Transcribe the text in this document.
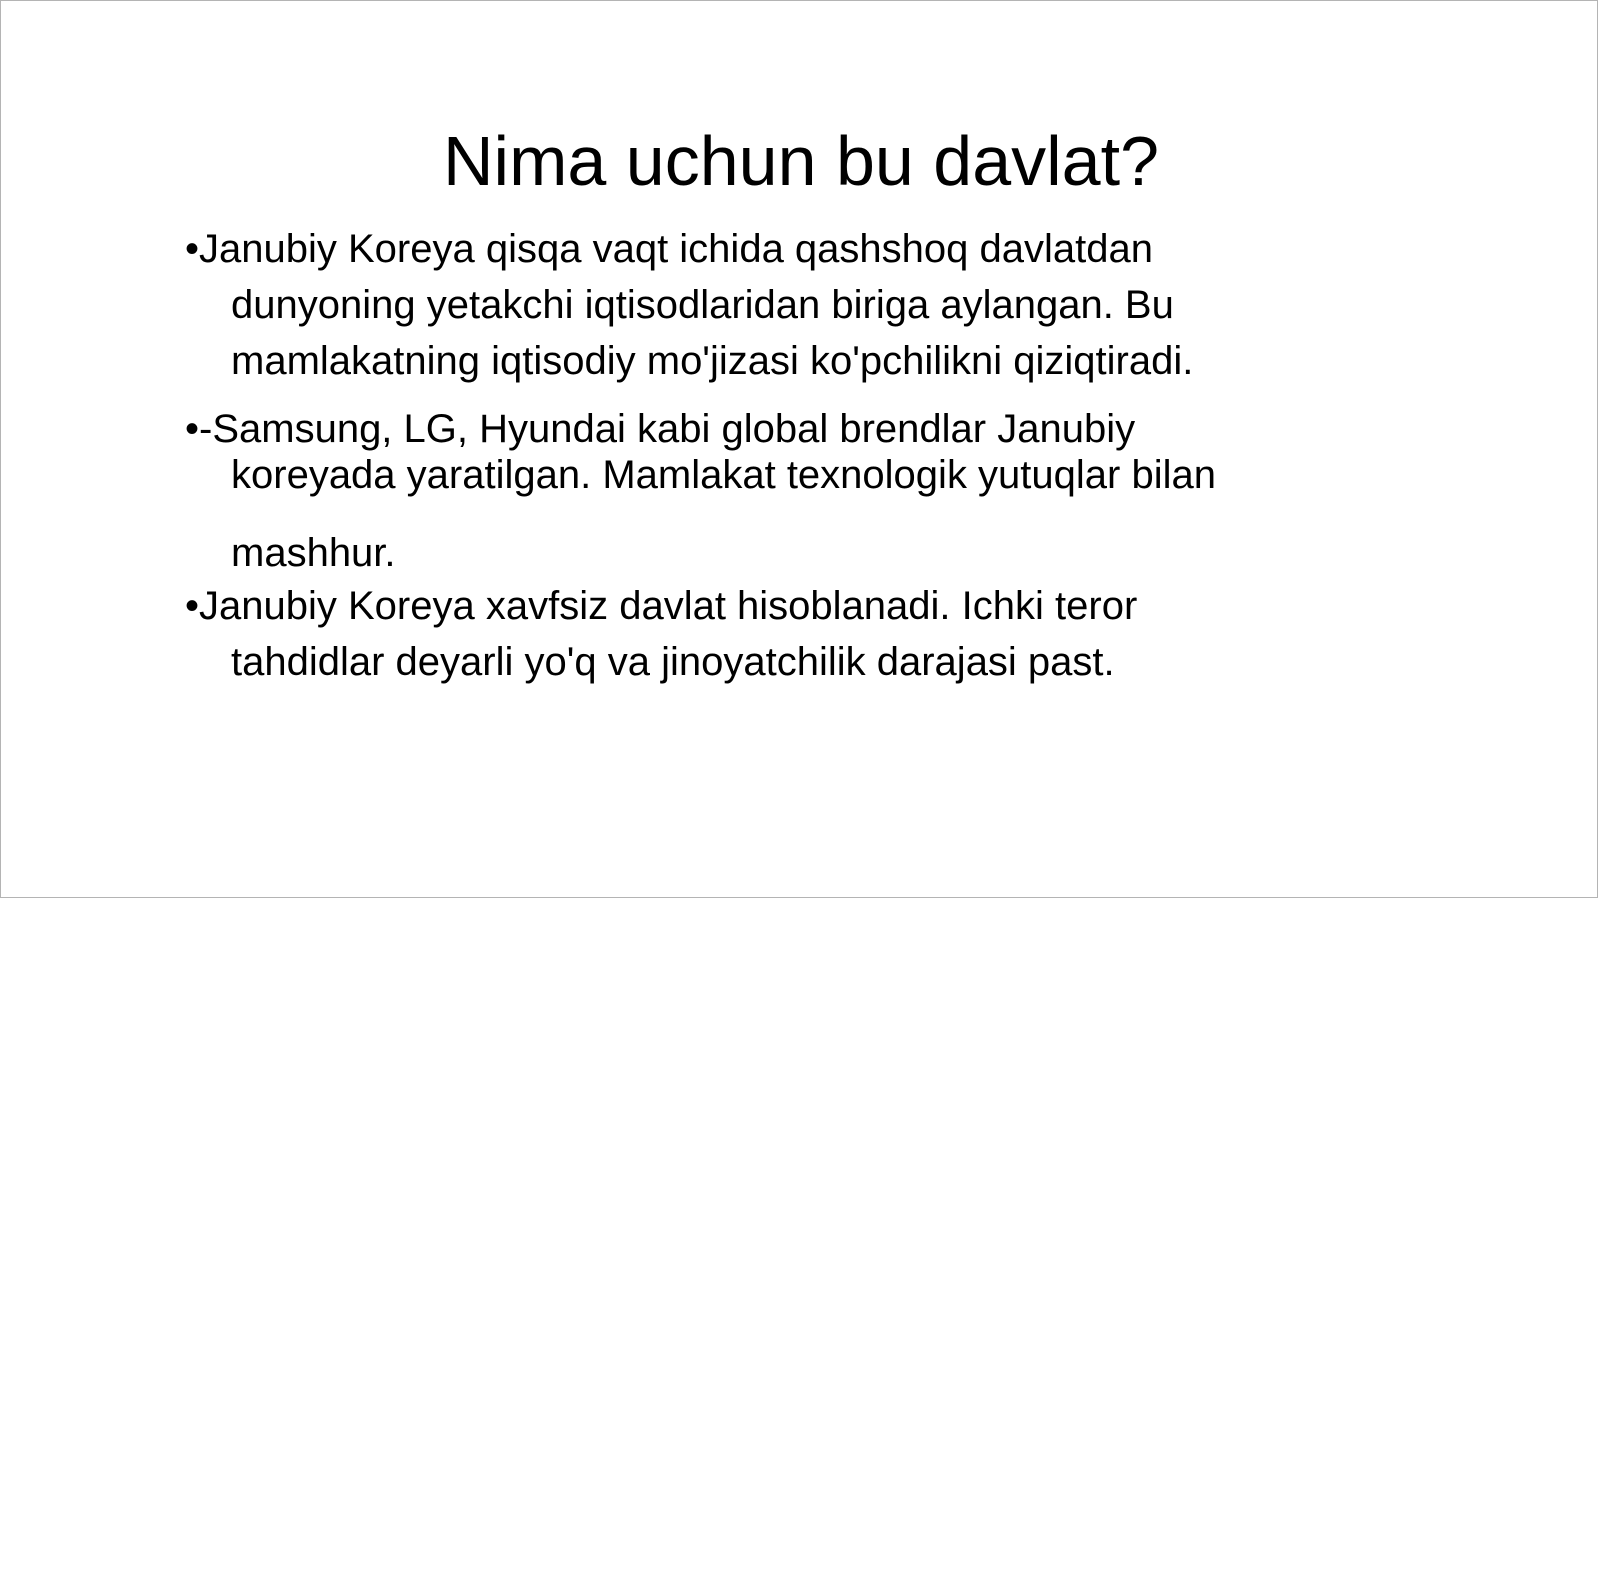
Nima uchun bu davlat?
•Janubiy Koreya qisqa vaqt ichida qashshoq davlatdan
dunyoning yetakchi iqtisodlaridan biriga aylangan. Bu
mamlakatning iqtisodiy mo'jizasi ko'pchilikni qiziqtiradi.
•-Samsung, LG, Hyundai kabi global brendlar Janubiy
koreyada yaratilgan. Mamlakat texnologik yutuqlar bilan
mashhur.
•Janubiy Koreya xavfsiz davlat hisoblanadi. Ichki teror
tahdidlar deyarli yo'q va jinoyatchilik darajasi past.
